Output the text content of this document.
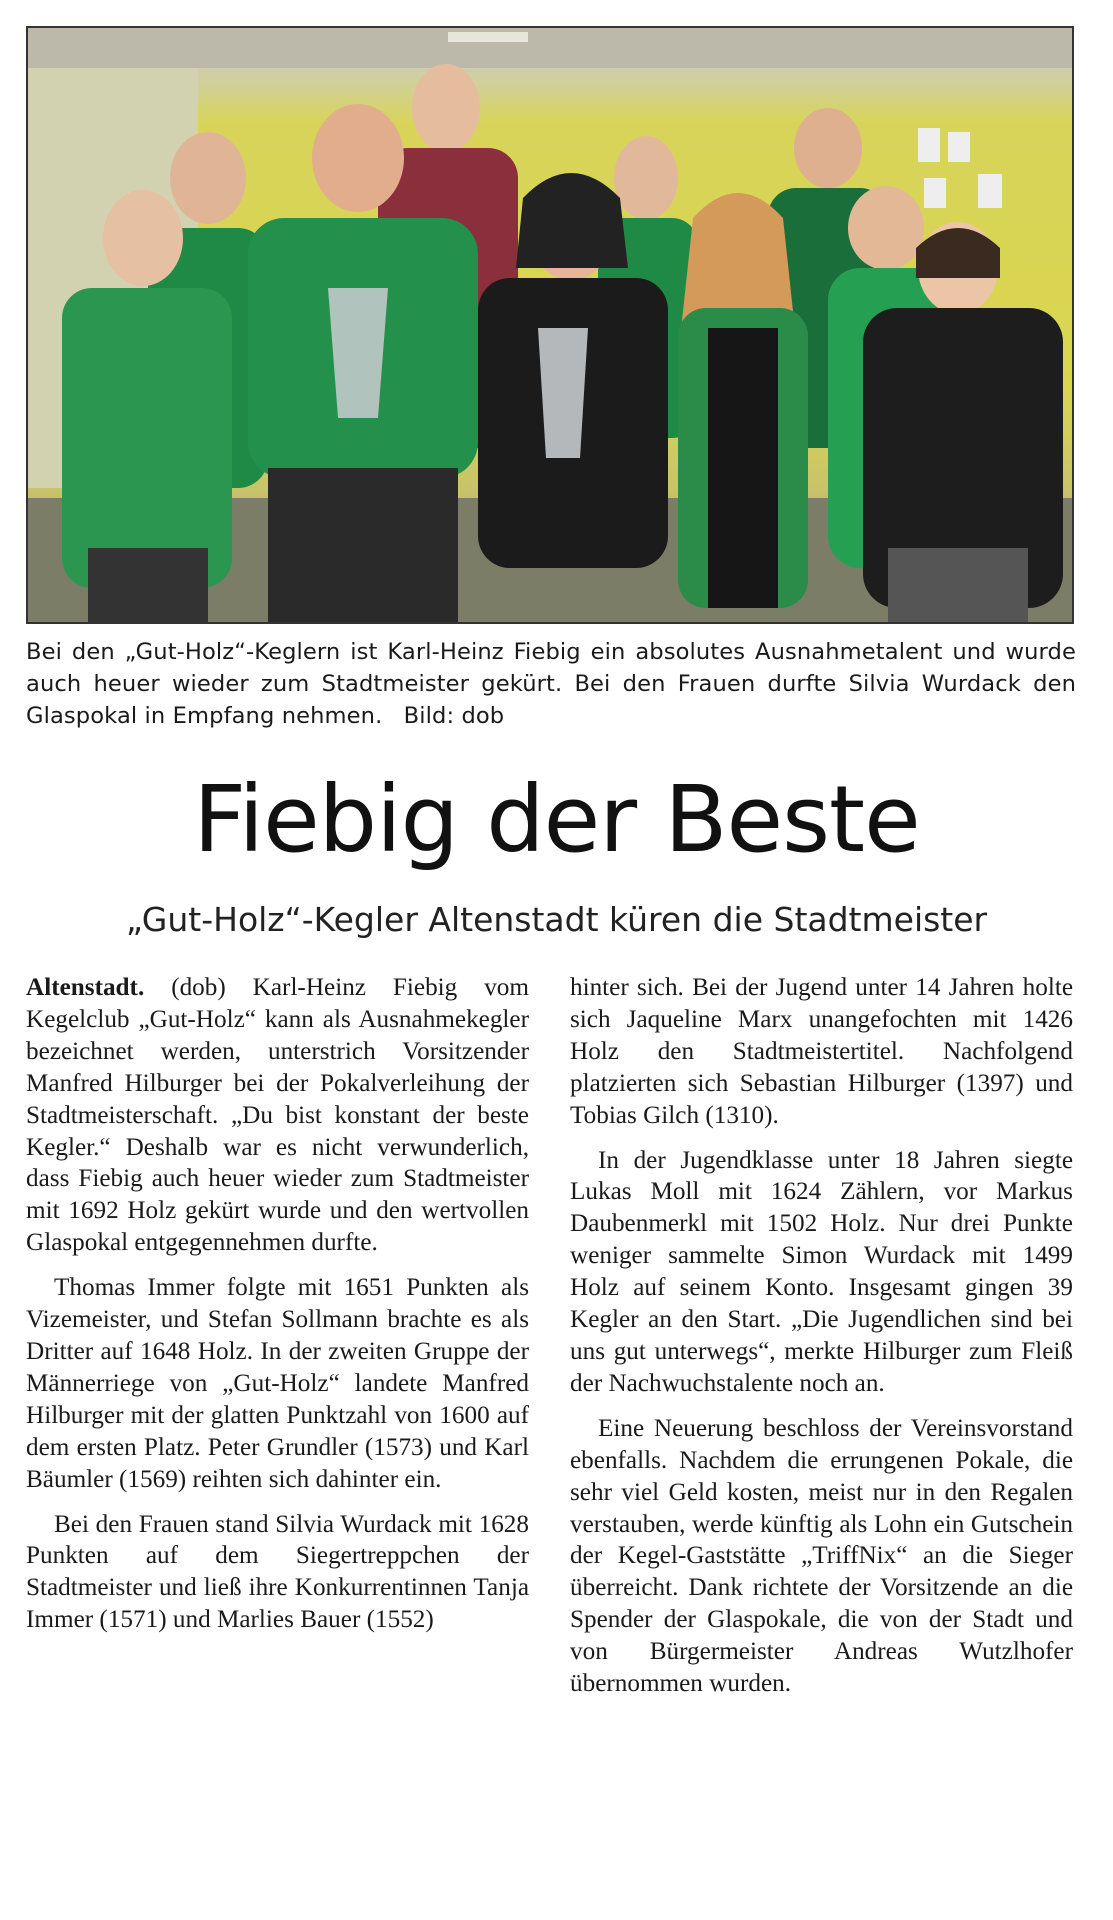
Bei den „Gut-Holz“-Keglern ist Karl-Heinz Fiebig ein absolutes Ausnahmetalent und wurde auch heuer wieder zum Stadtmeister gekürt. Bei den Frauen durfte Silvia Wurdack den Glaspokal in Empfang nehmen. Bild: dob
Fiebig der Beste
„Gut-Holz“-Kegler Altenstadt küren die Stadtmeister

Altenstadt. (dob) Karl-Heinz Fiebig vom Kegelclub „Gut-Holz“ kann als Ausnahmekegler bezeichnet werden, unterstrich Vorsitzender Manfred Hilburger bei der Pokalverleihung der Stadtmeisterschaft. „Du bist konstant der beste Kegler.“ Deshalb war es nicht verwunderlich, dass Fiebig auch heuer wieder zum Stadtmeister mit 1692 Holz gekürt wurde und den wertvollen Glaspokal entgegennehmen durfte.

Thomas Immer folgte mit 1651 Punkten als Vizemeister, und Stefan Sollmann brachte es als Dritter auf 1648 Holz. In der zweiten Gruppe der Männerriege von „Gut-Holz“ landete Manfred Hilburger mit der glatten Punktzahl von 1600 auf dem ersten Platz. Peter Grundler (1573) und Karl Bäumler (1569) reihten sich dahinter ein.

Bei den Frauen stand Silvia Wurdack mit 1628 Punkten auf dem Siegertreppchen der Stadtmeister und ließ ihre Konkurrentinnen Tanja Immer (1571) und Marlies Bauer (1552)

hinter sich. Bei der Jugend unter 14 Jahren holte sich Jaqueline Marx unangefochten mit 1426 Holz den Stadtmeistertitel. Nachfolgend platzierten sich Sebastian Hilburger (1397) und Tobias Gilch (1310).

In der Jugendklasse unter 18 Jahren siegte Lukas Moll mit 1624 Zählern, vor Markus Daubenmerkl mit 1502 Holz. Nur drei Punkte weniger sammelte Simon Wurdack mit 1499 Holz auf seinem Konto. Insgesamt gingen 39 Kegler an den Start. „Die Jugendlichen sind bei uns gut unterwegs“, merkte Hilburger zum Fleiß der Nachwuchstalente noch an.

Eine Neuerung beschloss der Vereinsvorstand ebenfalls. Nachdem die errungenen Pokale, die sehr viel Geld kosten, meist nur in den Regalen verstauben, werde künftig als Lohn ein Gutschein der Kegel-Gaststätte „TriffNix“ an die Sieger überreicht. Dank richtete der Vorsitzende an die Spender der Glaspokale, die von der Stadt und von Bürgermeister Andreas Wutzlhofer übernommen wurden.
